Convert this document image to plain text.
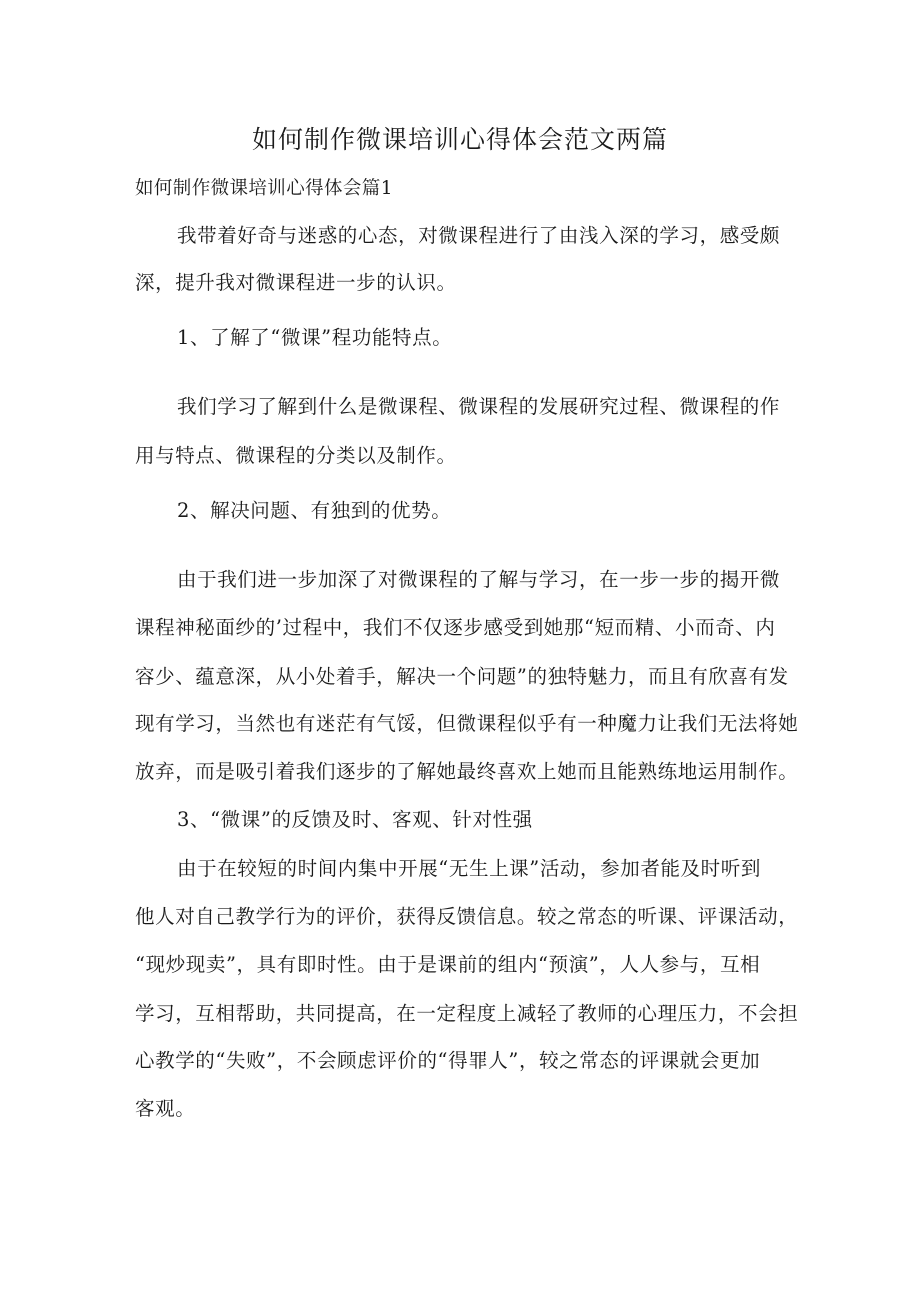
如何制作微课培训心得体会范文两篇
如何制作微课培训心得体会篇1
我带着好奇与迷惑的心态，对微课程进行了由浅入深的学习，感受颇
深，提升我对微课程进一步的认识。
1、了解了“微课”程功能特点。
我们学习了解到什么是微课程、微课程的发展研究过程、微课程的作
用与特点、微课程的分类以及制作。
2、解决问题、有独到的优势。
由于我们进一步加深了对微课程的了解与学习，在一步一步的揭开微
课程神秘面纱的’过程中，我们不仅逐步感受到她那“短而精、小而奇、内
容少、蕴意深，从小处着手，解决一个问题”的独特魅力，而且有欣喜有发
现有学习，当然也有迷茫有气馁，但微课程似乎有一种魔力让我们无法将她
放弃，而是吸引着我们逐步的了解她最终喜欢上她而且能熟练地运用制作。
3、“微课”的反馈及时、客观、针对性强
由于在较短的时间内集中开展“无生上课”活动，参加者能及时听到
他人对自己教学行为的评价，获得反馈信息。较之常态的听课、评课活动，
“现炒现卖”，具有即时性。由于是课前的组内“预演”，人人参与，互相
学习，互相帮助，共同提高，在一定程度上减轻了教师的心理压力，不会担
心教学的“失败”，不会顾虑评价的“得罪人”，较之常态的评课就会更加
客观。
